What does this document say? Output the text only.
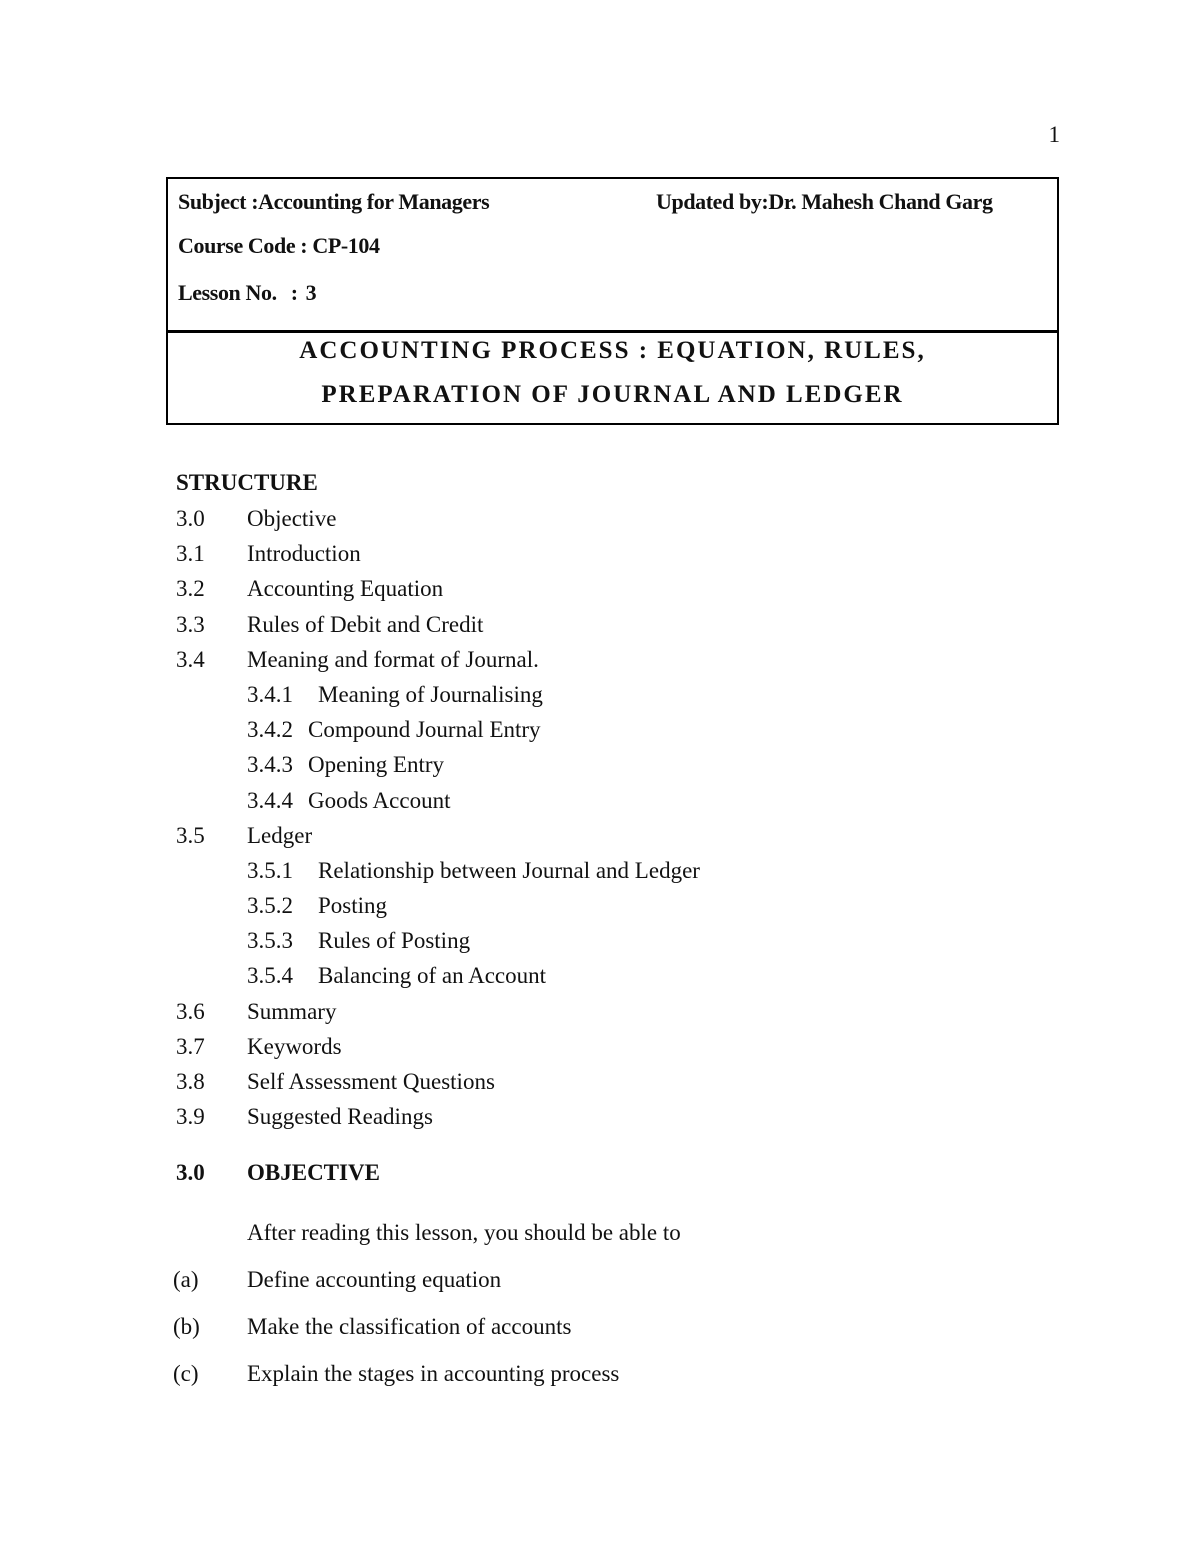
1
Subject :Accounting for Managers	Updated by:Dr. Mahesh Chand Garg
Course Code : CP-104
Lesson No. : 3
ACCOUNTING PROCESS : EQUATION, RULES,
PREPARATION OF JOURNAL AND LEDGER
STRUCTURE
3.0 Objective
3.1 Introduction
3.2 Accounting Equation
3.3 Rules of Debit and Credit
3.4 Meaning and format of Journal.
3.4.1 Meaning of Journalising
3.4.2 Compound Journal Entry
3.4.3 Opening Entry
3.4.4 Goods Account
3.5 Ledger
3.5.1 Relationship between Journal and Ledger
3.5.2 Posting
3.5.3 Rules of Posting
3.5.4 Balancing of an Account
3.6 Summary
3.7 Keywords
3.8 Self Assessment Questions
3.9 Suggested Readings
3.0 OBJECTIVE
After reading this lesson, you should be able to
(a) Define accounting equation
(b) Make the classification of accounts
(c) Explain the stages in accounting process
